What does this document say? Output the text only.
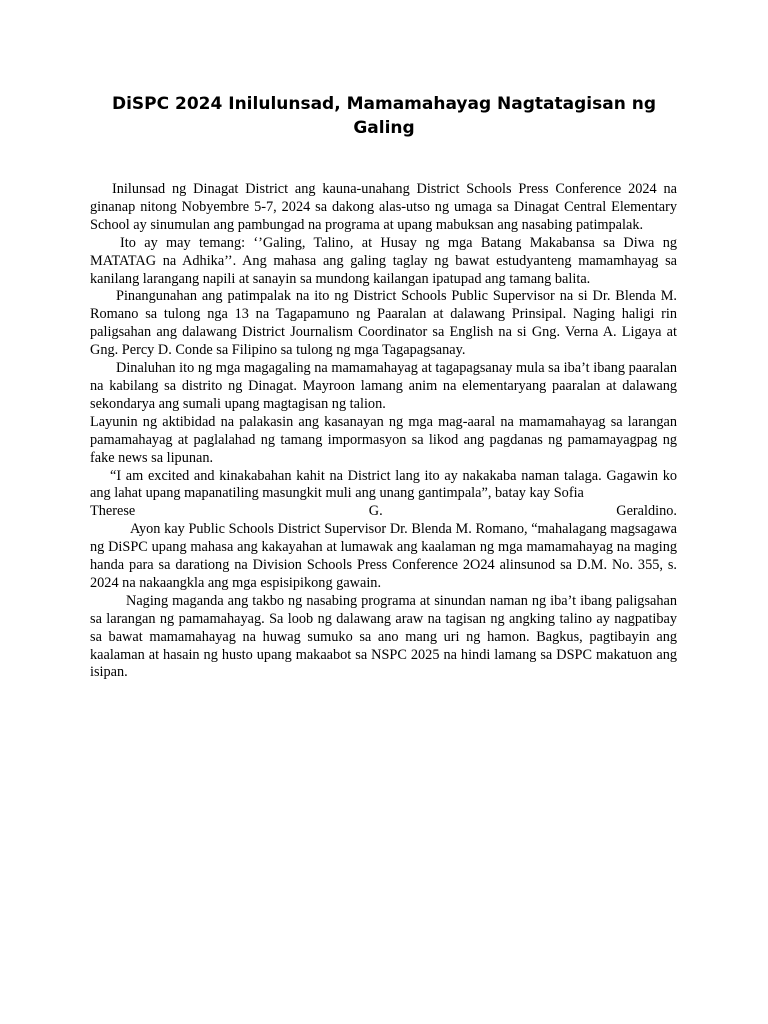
DiSPC 2024 Inilulunsad, Mamamahayag Nagtatagisan ng Galing

Inilunsad ng Dinagat District ang kauna-unahang District Schools Press Conference 2024 na ginanap nitong Nobyembre 5-7, 2024 sa dakong alas-utso ng umaga sa Dinagat Central Elementary School ay sinumulan ang pambungad na programa at upang mabuksan ang nasabing patimpalak.

Ito ay may temang: ‘’Galing, Talino, at Husay ng mga Batang Makabansa sa Diwa ng MATATAG na Adhika’’. Ang mahasa ang galing taglay ng bawat estudyanteng mamamhayag sa kanilang larangang napili at sanayin sa mundong kailangan ipatupad ang tamang balita.

Pinangunahan ang patimpalak na ito ng District Schools Public Supervisor na si Dr. Blenda M. Romano sa tulong nga 13 na Tagapamuno ng Paaralan at dalawang Prinsipal. Naging haligi rin paligsahan ang dalawang District Journalism Coordinator sa English na si Gng. Verna A. Ligaya at Gng. Percy D. Conde sa Filipino sa tulong ng mga Tagapagsanay.

Dinaluhan ito ng mga magagaling na mamamahayag at tagapagsanay mula sa iba’t ibang paaralan na kabilang sa distrito ng Dinagat. Mayroon lamang anim na elementaryang paaralan at dalawang sekondarya ang sumali upang magtagisan ng talion.

Layunin ng aktibidad na palakasin ang kasanayan ng mga mag-aaral na mamamahayag sa larangan pamamahayag at paglalahad ng tamang impormasyon sa likod ang pagdanas ng pamamayagpag ng fake news sa lipunan.

“I am excited and kinakabahan kahit na District lang ito ay nakakaba naman talaga. Gagawin ko ang lahat upang mapanatiling masungkit muli ang unang gantimpala”, batay kay Sofia

Therese	G.	Geraldino.

Ayon kay Public Schools District Supervisor Dr. Blenda M. Romano, “mahalagang magsagawa ng DiSPC upang mahasa ang kakayahan at lumawak ang kaalaman ng mga mamamahayag na maging handa para sa darationg na Division Schools Press Conference 2O24 alinsunod sa D.M. No. 355, s. 2024 na nakaangkla ang mga espisipikong gawain.

Naging maganda ang takbo ng nasabing programa at sinundan naman ng iba’t ibang paligsahan sa larangan ng pamamahayag. Sa loob ng dalawang araw na tagisan ng angking talino ay nagpatibay sa bawat mamamahayag na huwag sumuko sa ano mang uri ng hamon. Bagkus, pagtibayin ang kaalaman at hasain ng husto upang makaabot sa NSPC 2025 na hindi lamang sa DSPC makatuon ang isipan.
